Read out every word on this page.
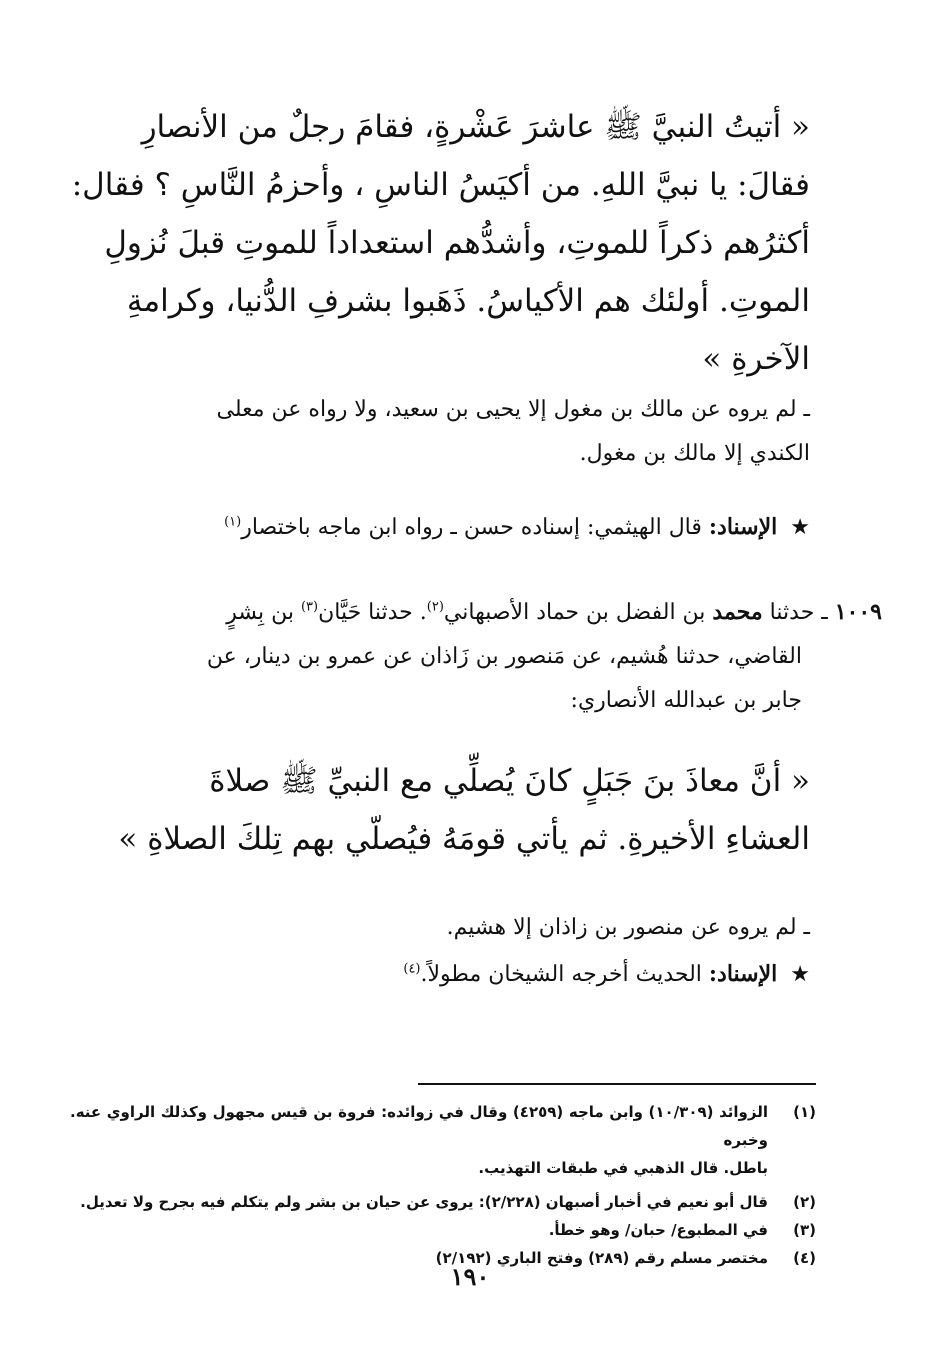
« أتيتُ النبيَّ ﷺ عاشرَ عَشْرةٍ، فقامَ رجلٌ من الأنصارِ
فقالَ: يا نبيَّ اللهِ. من أكيَسُ الناسِ ، وأحزمُ النَّاسِ ؟ فقال:
أكثرُهم ذكراً للموتِ، وأشدُّهم استعداداً للموتِ قبلَ نُزولِ
الموتِ. أولئك هم الأكياسُ. ذَهَبوا بشرفِ الدُّنيا، وكرامةِ
الآخرةِ »
ـ لم يروه عن مالك بن مغول إلا يحيى بن سعيد، ولا رواه عن معلى
الكندي إلا مالك بن مغول.
★ الإسناد: قال الهيثمي: إسناده حسن ـ رواه ابن ماجه باختصار$^{(١)}$
١٠٠٩ ـ حدثنا محمد بن الفضل بن حماد الأصبهاني$^{(٢)}$. حدثنا حَيَّان$^{(٣)}$ بن بِشرٍ
القاضي، حدثنا هُشيم، عن مَنصور بن زَاذان عن عمرو بن دينار، عن
جابر بن عبدالله الأنصاري:
« أنَّ معاذَ بنَ جَبَلٍ كانَ يُصلِّي مع النبيِّ ﷺ صلاةَ
العشاءِ الأخيرةِ. ثم يأتي قومَهُ فيُصلّي بهم تِلكَ الصلاةِ »
ـ لم يروه عن منصور بن زاذان إلا هشيم.
★ الإسناد: الحديث أخرجه الشيخان مطولاً.$^{(٤)}$
(١)
الزوائد (١٠/٣٠٩) وابن ماجه (٤٢٥٩) وقال في زوائده: فروة بن قيس مجهول وكذلك الراوي عنه. وخبره
باطل. قال الذهبي في طبقات التهذيب.
(٢)
قال أبو نعيم في أخبار أصبهان (٢/٢٢٨): يروى عن حيان بن بشر ولم يتكلم فيه بجرح ولا تعديل.
(٣)
في المطبوع/ حبان/ وهو خطأ.
(٤)
مختصر مسلم رقم (٢٨٩) وفتح الباري (٢/١٩٢)
١٩٠
